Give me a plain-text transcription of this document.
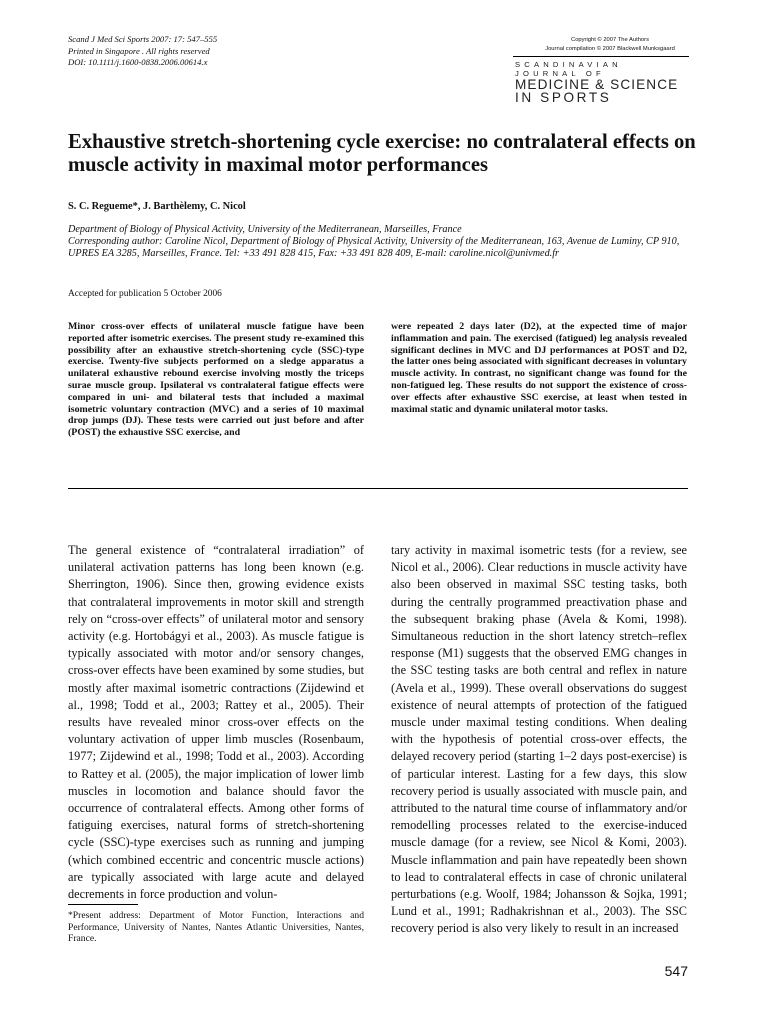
Scand J Med Sci Sports 2007: 17: 547–555
Printed in Singapore . All rights reserved
DOI: 10.1111/j.1600-0838.2006.00614.x
Copyright © 2007 The Authors
Journal compilation © 2007 Blackwell Munksgaard
SCANDINAVIAN JOURNAL OF
MEDICINE & SCIENCE
IN SPORTS
Exhaustive stretch-shortening cycle exercise: no contralateral effects on muscle activity in maximal motor performances
S. C. Regueme*, J. Barthèlemy, C. Nicol
Department of Biology of Physical Activity, University of the Mediterranean, Marseilles, France
Corresponding author: Caroline Nicol, Department of Biology of Physical Activity, University of the Mediterranean, 163, Avenue de Luminy, CP 910, UPRES EA 3285, Marseilles, France. Tel: +33 491 828 415, Fax: +33 491 828 409, E-mail: caroline.nicol@univmed.fr
Accepted for publication 5 October 2006
Minor cross-over effects of unilateral muscle fatigue have been reported after isometric exercises. The present study re-examined this possibility after an exhaustive stretch-shortening cycle (SSC)-type exercise. Twenty-five subjects performed on a sledge apparatus a unilateral exhaustive rebound exercise involving mostly the triceps surae muscle group. Ipsilateral vs contralateral fatigue effects were compared in uni- and bilateral tests that included a maximal isometric voluntary contraction (MVC) and a series of 10 maximal drop jumps (DJ). These tests were carried out just before and after (POST) the exhaustive SSC exercise, and
were repeated 2 days later (D2), at the expected time of major inflammation and pain. The exercised (fatigued) leg analysis revealed significant declines in MVC and DJ performances at POST and D2, the latter ones being associated with significant decreases in voluntary muscle activity. In contrast, no significant change was found for the non-fatigued leg. These results do not support the existence of cross-over effects after exhaustive SSC exercise, at least when tested in maximal static and dynamic unilateral motor tasks.
The general existence of “contralateral irradiation” of unilateral activation patterns has long been known (e.g. Sherrington, 1906). Since then, growing evidence exists that contralateral improvements in motor skill and strength rely on “cross-over effects” of unilateral motor and sensory activity (e.g. Hortobágyi et al., 2003). As muscle fatigue is typically associated with motor and/or sensory changes, cross-over effects have been examined by some studies, but mostly after maximal isometric contractions (Zijdewind et al., 1998; Todd et al., 2003; Rattey et al., 2005). Their results have revealed minor cross-over effects on the voluntary activation of upper limb muscles (Rosenbaum, 1977; Zijdewind et al., 1998; Todd et al., 2003). According to Rattey et al. (2005), the major implication of lower limb muscles in locomotion and balance should favor the occurrence of contralateral effects. Among other forms of fatiguing exercises, natural forms of stretch-shortening cycle (SSC)-type exercises such as running and jumping (which combined eccentric and concentric muscle actions) are typically associated with large acute and delayed decrements in force production and volun-
tary activity in maximal isometric tests (for a review, see Nicol et al., 2006). Clear reductions in muscle activity have also been observed in maximal SSC testing tasks, both during the centrally programmed preactivation phase and the subsequent braking phase (Avela & Komi, 1998). Simultaneous reduction in the short latency stretch–reflex response (M1) suggests that the observed EMG changes in the SSC testing tasks are both central and reflex in nature (Avela et al., 1999). These overall observations do suggest existence of neural attempts of protection of the fatigued muscle under maximal testing conditions. When dealing with the hypothesis of potential cross-over effects, the delayed recovery period (starting 1–2 days post-exercise) is of particular interest. Lasting for a few days, this slow recovery period is usually associated with muscle pain, and attributed to the natural time course of inflammatory and/or remodelling processes related to the exercise-induced muscle damage (for a review, see Nicol & Komi, 2003). Muscle inflammation and pain have repeatedly been shown to lead to contralateral effects in case of chronic unilateral perturbations (e.g. Woolf, 1984; Johansson & Sojka, 1991; Lund et al., 1991; Radhakrishnan et al., 2003). The SSC recovery period is also very likely to result in an increased
*Present address: Department of Motor Function, Interactions and Performance, University of Nantes, Nantes Atlantic Universities, Nantes, France.
547
